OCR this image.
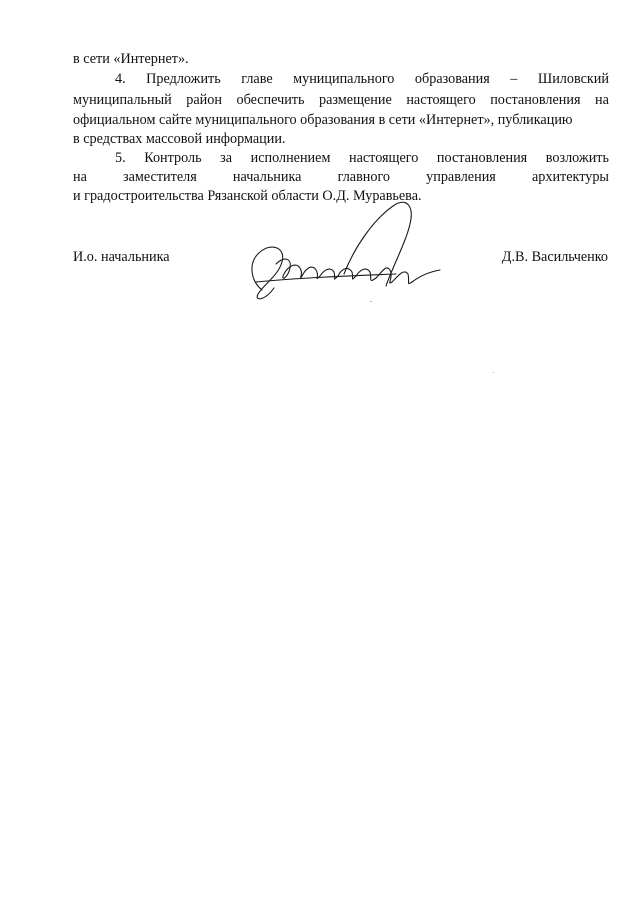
в сети «Интернет».
4. Предложить главе муниципального образования – Шиловский
муниципальный район обеспечить размещение настоящего постановления на
официальном сайте муниципального образования в сети «Интернет», публикацию
в средствах массовой информации.
5. Контроль за исполнением настоящего постановления возложить
на	заместителя	начальника	главного	управления	архитектуры
и градостроительства Рязанской области О.Д. Муравьева.
И.о. начальника	Д.В. Васильченко
